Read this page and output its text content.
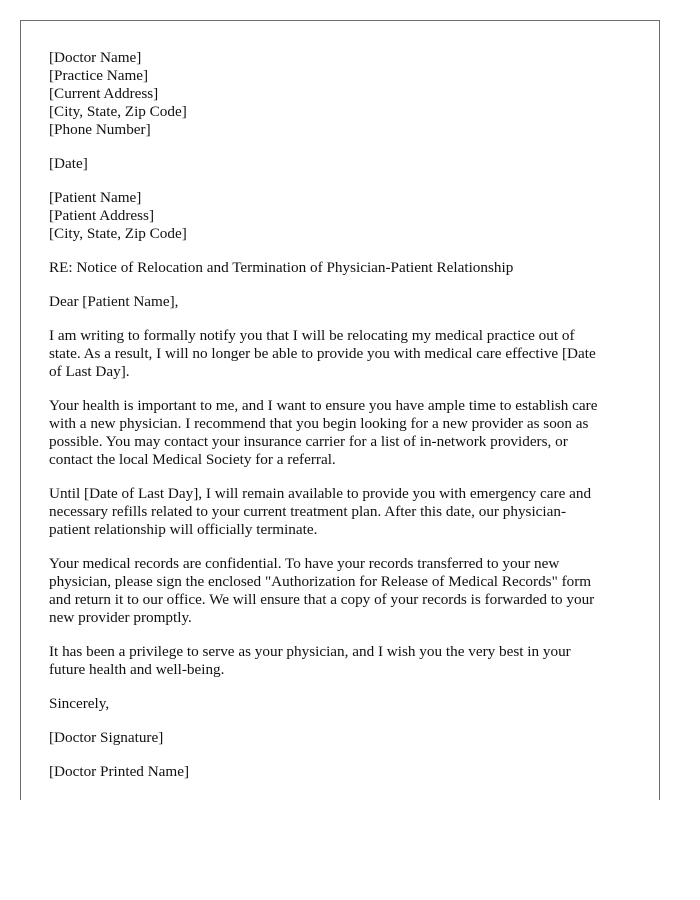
[Doctor Name]
[Practice Name]
[Current Address]
[City, State, Zip Code]
[Phone Number]
[Date]
[Patient Name]
[Patient Address]
[City, State, Zip Code]

RE: Notice of Relocation and Termination of Physician-Patient Relationship

Dear [Patient Name],

I am writing to formally notify you that I will be relocating my medical practice out of
state. As a result, I will no longer be able to provide you with medical care effective [Date
of Last Day].

Your health is important to me, and I want to ensure you have ample time to establish care
with a new physician. I recommend that you begin looking for a new provider as soon as
possible. You may contact your insurance carrier for a list of in-network providers, or
contact the local Medical Society for a referral.

Until [Date of Last Day], I will remain available to provide you with emergency care and
necessary refills related to your current treatment plan. After this date, our physician-
patient relationship will officially terminate.

Your medical records are confidential. To have your records transferred to your new
physician, please sign the enclosed "Authorization for Release of Medical Records" form
and return it to our office. We will ensure that a copy of your records is forwarded to your
new provider promptly.

It has been a privilege to serve as your physician, and I wish you the very best in your
future health and well-being.

Sincerely,

[Doctor Signature]

[Doctor Printed Name]
